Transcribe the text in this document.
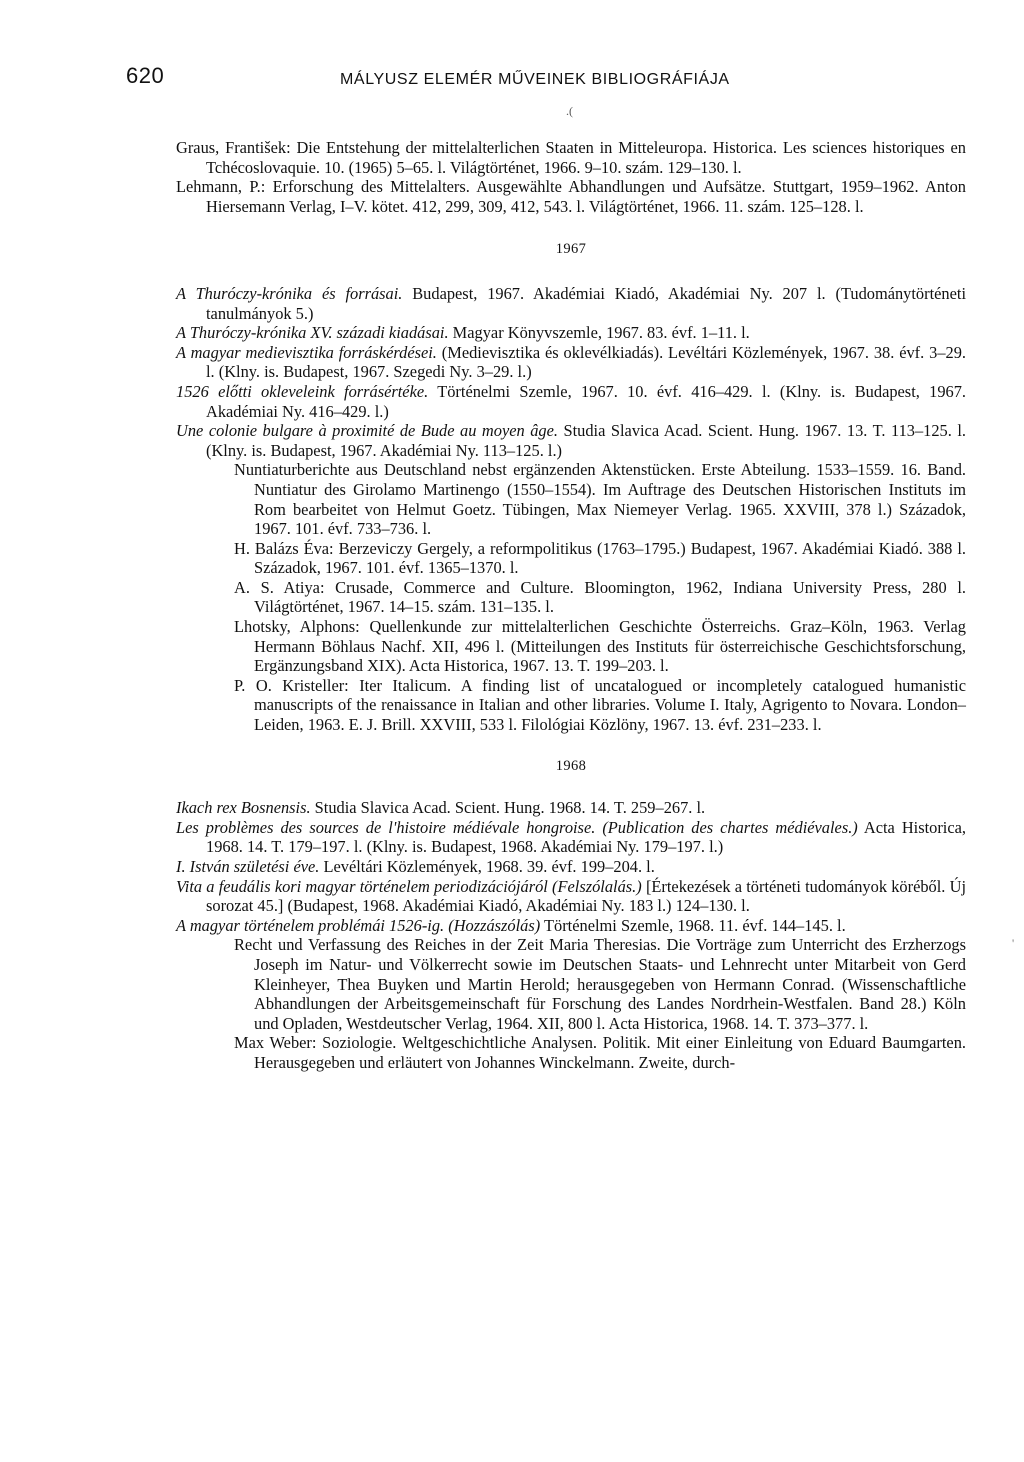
620	MÁLYUSZ ELEMÉR MŰVEINEK BIBLIOGRÁFIÁJA
.(
'
Graus, František: Die Entstehung der mittelalterlichen Staaten in Mitteleuropa. Historica. Les sciences historiques en Tchécoslovaquie. 10. (1965) 5–65. l. Világtörténet, 1966. 9–10. szám. 129–130. l.
Lehmann, P.: Erforschung des Mittelalters. Ausgewählte Abhandlungen und Aufsätze. Stuttgart, 1959–1962. Anton Hiersemann Verlag, I–V. kötet. 412, 299, 309, 412, 543. l. Világtörténet, 1966. 11. szám. 125–128. l.
1967
A Thuróczy-krónika és forrásai. Budapest, 1967. Akadémiai Kiadó, Akadémiai Ny. 207 l. (Tudománytörténeti tanulmányok 5.)
A Thuróczy-krónika XV. századi kiadásai. Magyar Könyvszemle, 1967. 83. évf. 1–11. l.
A magyar medievisztika forráskérdései. (Medievisztika és oklevélkiadás). Levéltári Közlemények, 1967. 38. évf. 3–29. l. (Klny. is. Budapest, 1967. Szegedi Ny. 3–29. l.)
1526 előtti okleveleink forrásértéke. Történelmi Szemle, 1967. 10. évf. 416–429. l. (Klny. is. Budapest, 1967. Akadémiai Ny. 416–429. l.)
Une colonie bulgare à proximité de Bude au moyen âge. Studia Slavica Acad. Scient. Hung. 1967. 13. T. 113–125. l. (Klny. is. Budapest, 1967. Akadémiai Ny. 113–125. l.)
Nuntiaturberichte aus Deutschland nebst ergänzenden Aktenstücken. Erste Abteilung. 1533–1559. 16. Band. Nuntiatur des Girolamo Martinengo (1550–1554). Im Auftrage des Deutschen Historischen Instituts im Rom bearbeitet von Helmut Goetz. Tübingen, Max Niemeyer Verlag. 1965. XXVIII, 378 l.) Századok, 1967. 101. évf. 733–736. l.
H. Balázs Éva: Berzeviczy Gergely, a reformpolitikus (1763–1795.) Budapest, 1967. Akadémiai Kiadó. 388 l. Századok, 1967. 101. évf. 1365–1370. l.
A. S. Atiya: Crusade, Commerce and Culture. Bloomington, 1962, Indiana University Press, 280 l. Világtörténet, 1967. 14–15. szám. 131–135. l.
Lhotsky, Alphons: Quellenkunde zur mittelalterlichen Geschichte Österreichs. Graz–Köln, 1963. Verlag Hermann Böhlaus Nachf. XII, 496 l. (Mitteilungen des Instituts für österreichische Geschichtsforschung, Ergänzungsband XIX). Acta Historica, 1967. 13. T. 199–203. l.
P. O. Kristeller: Iter Italicum. A finding list of uncatalogued or incompletely catalogued humanistic manuscripts of the renaissance in Italian and other libraries. Volume I. Italy, Agrigento to Novara. London–Leiden, 1963. E. J. Brill. XXVIII, 533 l. Filológiai Közlöny, 1967. 13. évf. 231–233. l.
1968
Ikach rex Bosnensis. Studia Slavica Acad. Scient. Hung. 1968. 14. T. 259–267. l.
Les problèmes des sources de l'histoire médiévale hongroise. (Publication des chartes médiévales.) Acta Historica, 1968. 14. T. 179–197. l. (Klny. is. Budapest, 1968. Akadémiai Ny. 179–197. l.)
I. István születési éve. Levéltári Közlemények, 1968. 39. évf. 199–204. l.
Vita a feudális kori magyar történelem periodizációjáról (Felszólalás.) [Értekezések a történeti tudományok köréből. Új sorozat 45.] (Budapest, 1968. Akadémiai Kiadó, Akadémiai Ny. 183 l.) 124–130. l.
A magyar történelem problémái 1526-ig. (Hozzászólás) Történelmi Szemle, 1968. 11. évf. 144–145. l.
Recht und Verfassung des Reiches in der Zeit Maria Theresias. Die Vorträge zum Unterricht des Erzherzogs Joseph im Natur- und Völkerrecht sowie im Deutschen Staats- und Lehnrecht unter Mitarbeit von Gerd Kleinheyer, Thea Buyken und Martin Herold; herausgegeben von Hermann Conrad. (Wissenschaftliche Abhandlungen der Arbeitsgemeinschaft für Forschung des Landes Nordrhein-Westfalen. Band 28.) Köln und Opladen, Westdeutscher Verlag, 1964. XII, 800 l. Acta Historica, 1968. 14. T. 373–377. l.
Max Weber: Soziologie. Weltgeschichtliche Analysen. Politik. Mit einer Einleitung von Eduard Baumgarten. Herausgegeben und erläutert von Johannes Winckelmann. Zweite, durch-
